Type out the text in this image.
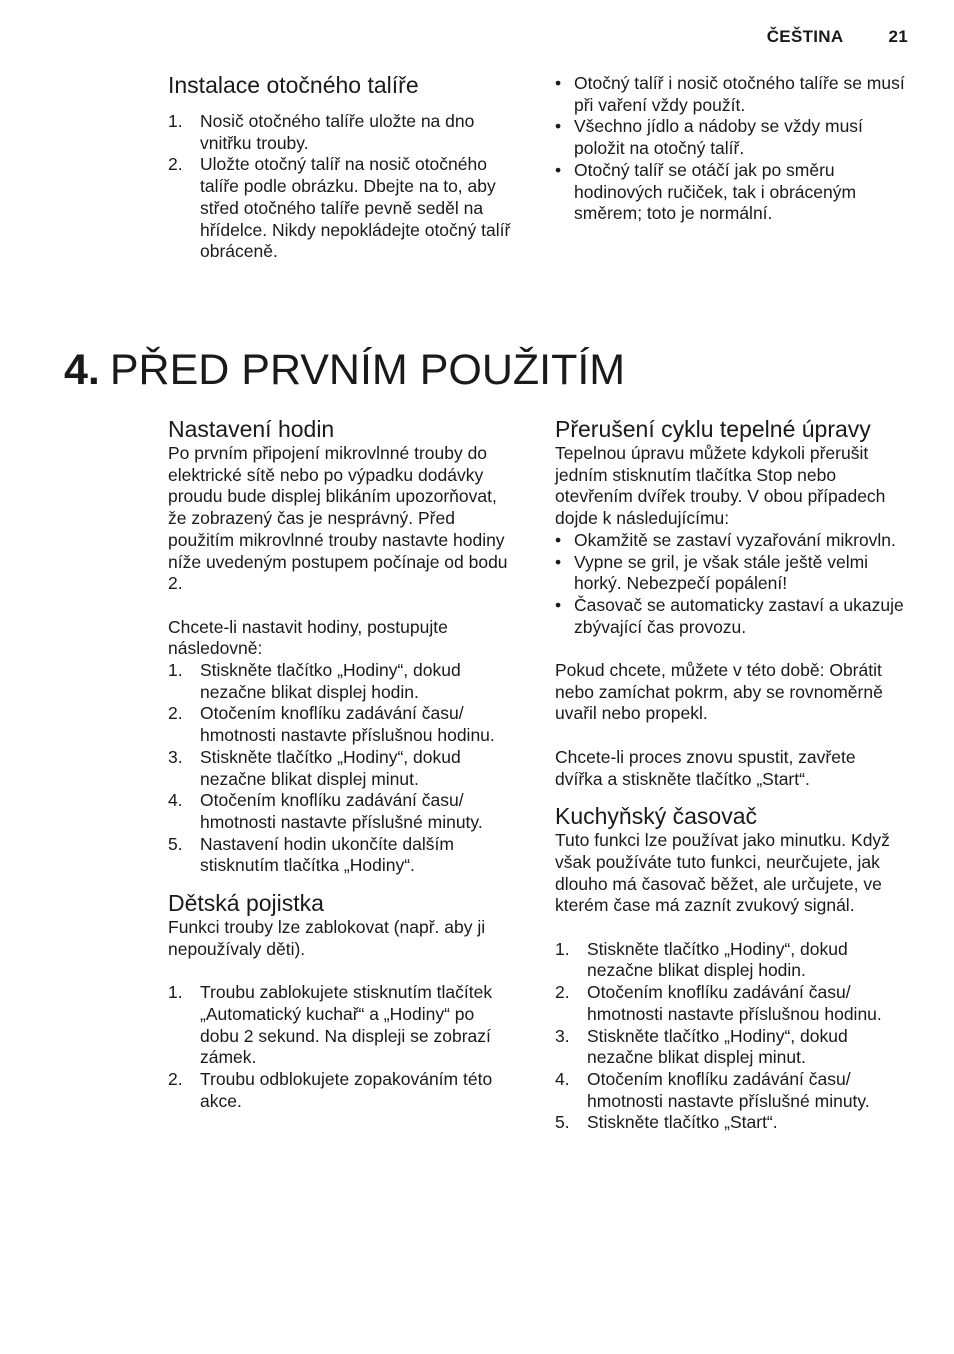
ČEŠTINA	21
Instalace otočného talíře
1. Nosič otočného talíře uložte na dno vnitřku trouby.
2. Uložte otočný talíř na nosič otočného talíře podle obrázku. Dbejte na to, aby střed otočného talíře pevně seděl na hřídelce. Nikdy nepokládejte otočný talíř obráceně.
• Otočný talíř i nosič otočného talíře se musí při vaření vždy použít.
• Všechno jídlo a nádoby se vždy musí položit na otočný talíř.
• Otočný talíř se otáčí jak po směru hodinových ručiček, tak i obráceným směrem; toto je normální.
4. PŘED PRVNÍM POUŽITÍM
Nastavení hodin

Po prvním připojení mikrovlnné trouby do elektrické sítě nebo po výpadku dodávky proudu bude displej blikáním upozorňovat, že zobrazený čas je nesprávný. Před použitím mikrovlnné trouby nastavte hodiny níže uvedeným postupem počínaje od bodu 2.

Chcete-li nastavit hodiny, postupujte následovně:

1. Stiskněte tlačítko „Hodiny“, dokud nezačne blikat displej hodin.
2. Otočením knoflíku zadávání času/ hmotnosti nastavte příslušnou hodinu.
3. Stiskněte tlačítko „Hodiny“, dokud nezačne blikat displej minut.
4. Otočením knoflíku zadávání času/ hmotnosti nastavte příslušné minuty.
5. Nastavení hodin ukončíte dalším stisknutím tlačítka „Hodiny“.
Dětská pojistka

Funkci trouby lze zablokovat (např. aby ji nepoužívaly děti).

1. Troubu zablokujete stisknutím tlačítek „Automatický kuchař“ a „Hodiny“ po dobu 2 sekund. Na displeji se zobrazí zámek.
2. Troubu odblokujete zopakováním této akce.
Přerušení cyklu tepelné úpravy

Tepelnou úpravu můžete kdykoli přerušit jedním stisknutím tlačítka Stop nebo otevřením dvířek trouby. V obou případech dojde k následujícímu:

• Okamžitě se zastaví vyzařování mikrovln.
• Vypne se gril, je však stále ještě velmi horký. Nebezpečí popálení!
• Časovač se automaticky zastaví a ukazuje zbývající čas provozu.

Pokud chcete, můžete v této době: Obrátit nebo zamíchat pokrm, aby se rovnoměrně uvařil nebo propekl.

Chcete-li proces znovu spustit, zavřete dvířka a stiskněte tlačítko „Start“.

Kuchyňský časovač

Tuto funkci lze používat jako minutku. Když však používáte tuto funkci, neurčujete, jak dlouho má časovač běžet, ale určujete, ve kterém čase má zaznít zvukový signál.

1. Stiskněte tlačítko „Hodiny“, dokud nezačne blikat displej hodin.
2. Otočením knoflíku zadávání času/ hmotnosti nastavte příslušnou hodinu.
3. Stiskněte tlačítko „Hodiny“, dokud nezačne blikat displej minut.
4. Otočením knoflíku zadávání času/ hmotnosti nastavte příslušné minuty.
5. Stiskněte tlačítko „Start“.
